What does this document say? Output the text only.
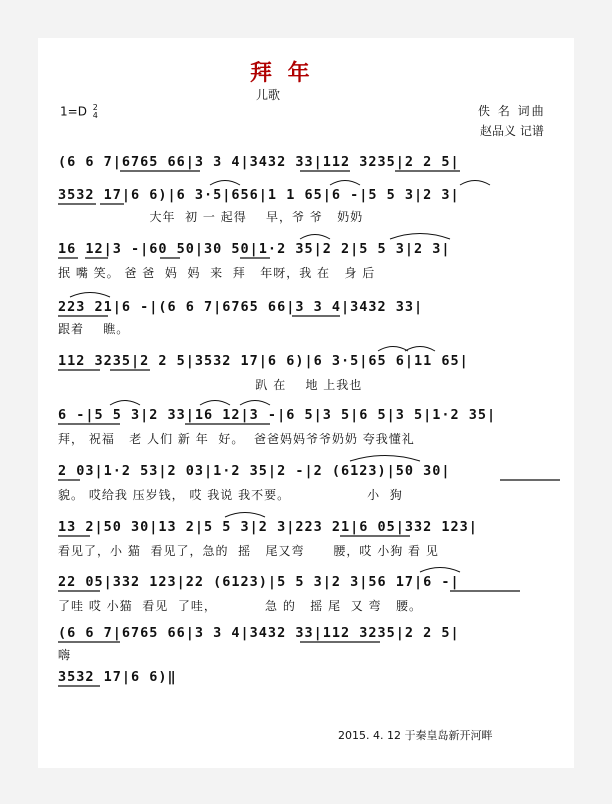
拜 年
儿歌
1=D 2
4	佚 名 词曲
赵品义 记谱
(6 6 7|6765 66|3 3 4|3432 33|112 3235|2 2 5|
3532 17|6 6)|6 3·5|656|1 1 65|6 -|5 5 3|2 3|
大年  初 一 起得    早，爷 爷   奶奶
16 12|3 -|60 50|30 50|1·2 35|2 2|5 5 3|2 3|
抿 嘴 笑。 爸 爸  妈  妈  来  拜   年呀，我 在   身 后
223 21|6 -|(6 6 7|6765 66|3 3 4|3432 33|
跟着    瞧。
112 3235|2 2 5|3532 17|6 6)|6 3·5|65 6|11 65|
趴 在    地 上我也
6 -|5 5 3|2 33|16 12|3 -|6 5|3 5|6 5|3 5|1·2 35|
拜， 祝福   老 人们 新 年  好。  爸爸妈妈爷爷奶奶 夸我懂礼
2 03|1·2 53|2 03|1·2 35|2 -|2 (6123)|50 30|
貌。 哎给我 压岁钱， 哎 我说 我不要。                小  狗
13 2|50 30|13 2|5 5 3|2 3|223 21|6 05|332 123|
看见了，小 猫  看见了，急的  摇   尾又弯      腰，哎 小狗 看 见
22 05|332 123|22 (6123)|5 5 3|2 3|56 17|6 -|
了哇 哎 小猫  看见  了哇，          急 的   摇 尾  又 弯   腰。
(6 6 7|6765 66|3 3 4|3432 33|112 3235|2 2 5|
嗨
3532 17|6 6)‖
2015. 4. 12 于秦皇岛新开河畔
